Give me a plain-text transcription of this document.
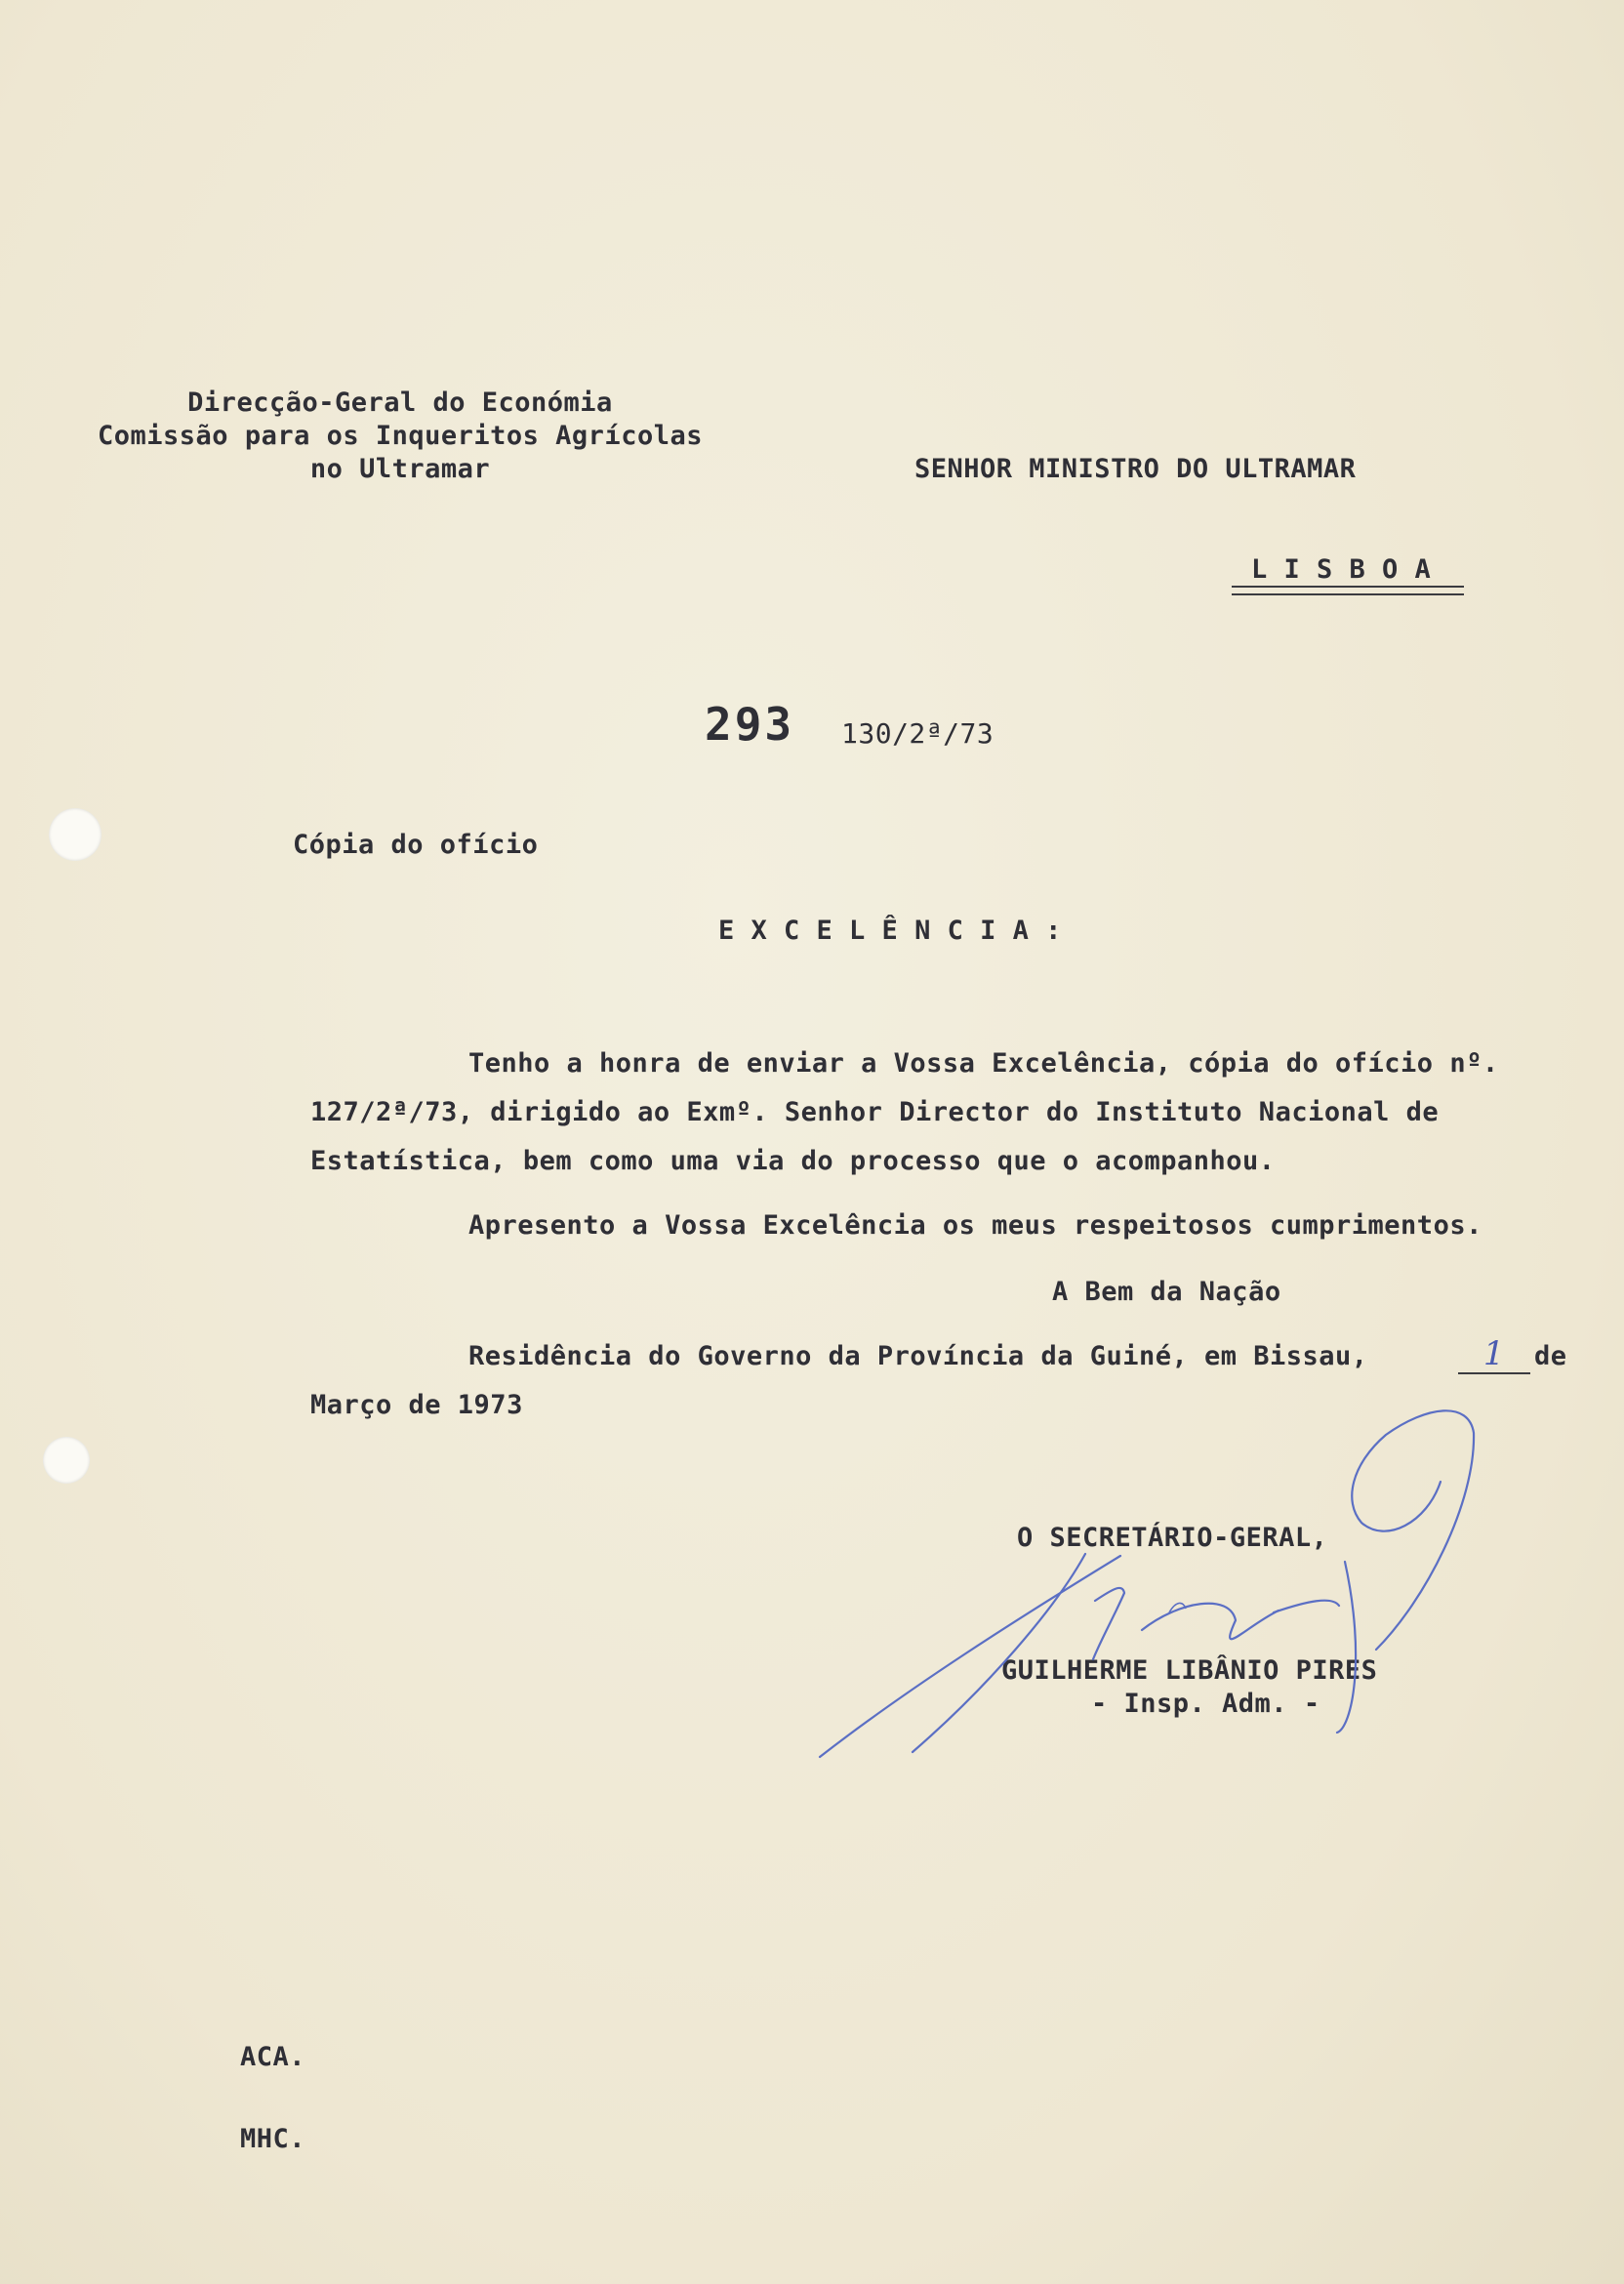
Direcção-Geral do Económia
Comissão para os Inqueritos Agrícolas
no Ultramar	SENHOR MINISTRO DO ULTRAMAR
L I S B O A
293 130/2ª/73
Cópia do ofício
E X C E L Ê N C I A :
Tenho a honra de enviar a Vossa Excelência, cópia do ofício nº.
127/2ª/73, dirigido ao Exmº. Senhor Director do Instituto Nacional de
Estatística, bem como uma via do processo que o acompanhou.
Apresento a Vossa Excelência os meus respeitosos cumprimentos.
A Bem da Nação
Residência do Governo da Província da Guiné, em Bissau,	1	de
Março de 1973
O SECRETÁRIO-GERAL,
GUILHERME LIBÂNIO PIRES
- Insp. Adm. -
ACA.
MHC.
